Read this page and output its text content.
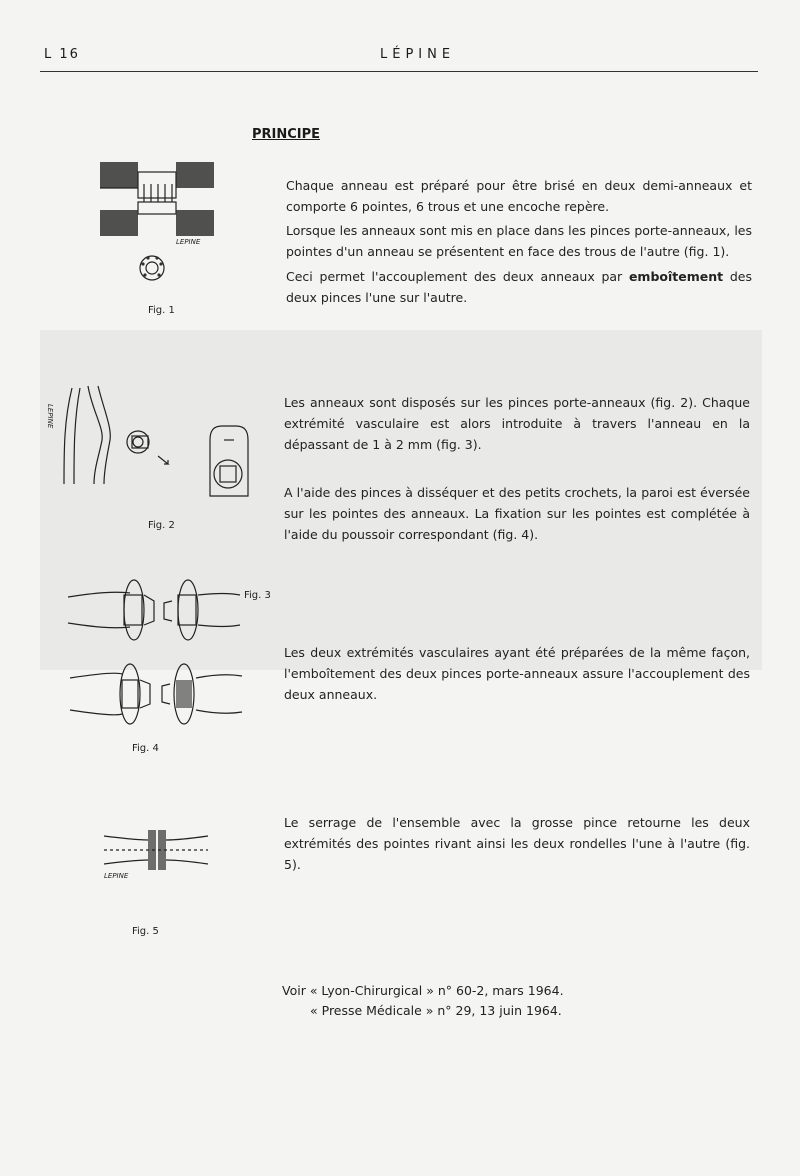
L 16	LÉPINE
PRINCIPE
Chaque anneau est préparé pour être brisé en deux demi-anneaux et comporte 6 pointes, 6 trous et une encoche repère.
Lorsque les anneaux sont mis en place dans les pinces porte-anneaux, les pointes d'un anneau se présentent en face des trous de l'autre (fig. 1).
Ceci permet l'accouplement des deux anneaux par emboîtement des deux pinces l'une sur l'autre.
Les anneaux sont disposés sur les pinces porte-anneaux (fig. 2). Chaque extrémité vasculaire est alors introduite à travers l'anneau en la dépassant de 1 à 2 mm (fig. 3).
A l'aide des pinces à disséquer et des petits crochets, la paroi est éversée sur les pointes des anneaux. La fixation sur les pointes est complétée à l'aide du poussoir correspondant (fig. 4).
Les deux extrémités vasculaires ayant été préparées de la même façon, l'emboîtement des deux pinces porte-anneaux assure l'accouplement des deux anneaux.
Le serrage de l'ensemble avec la grosse pince retourne les deux extrémités des pointes rivant ainsi les deux rondelles l'une à l'autre (fig. 5).
Fig. 1
Fig. 2
Fig. 3
Fig. 4
Fig. 5
LEPINE
LEPINE
LEPINE
Voir « Lyon-Chirurgical » n° 60-2, mars 1964.
« Presse Médicale » n° 29, 13 juin 1964.
